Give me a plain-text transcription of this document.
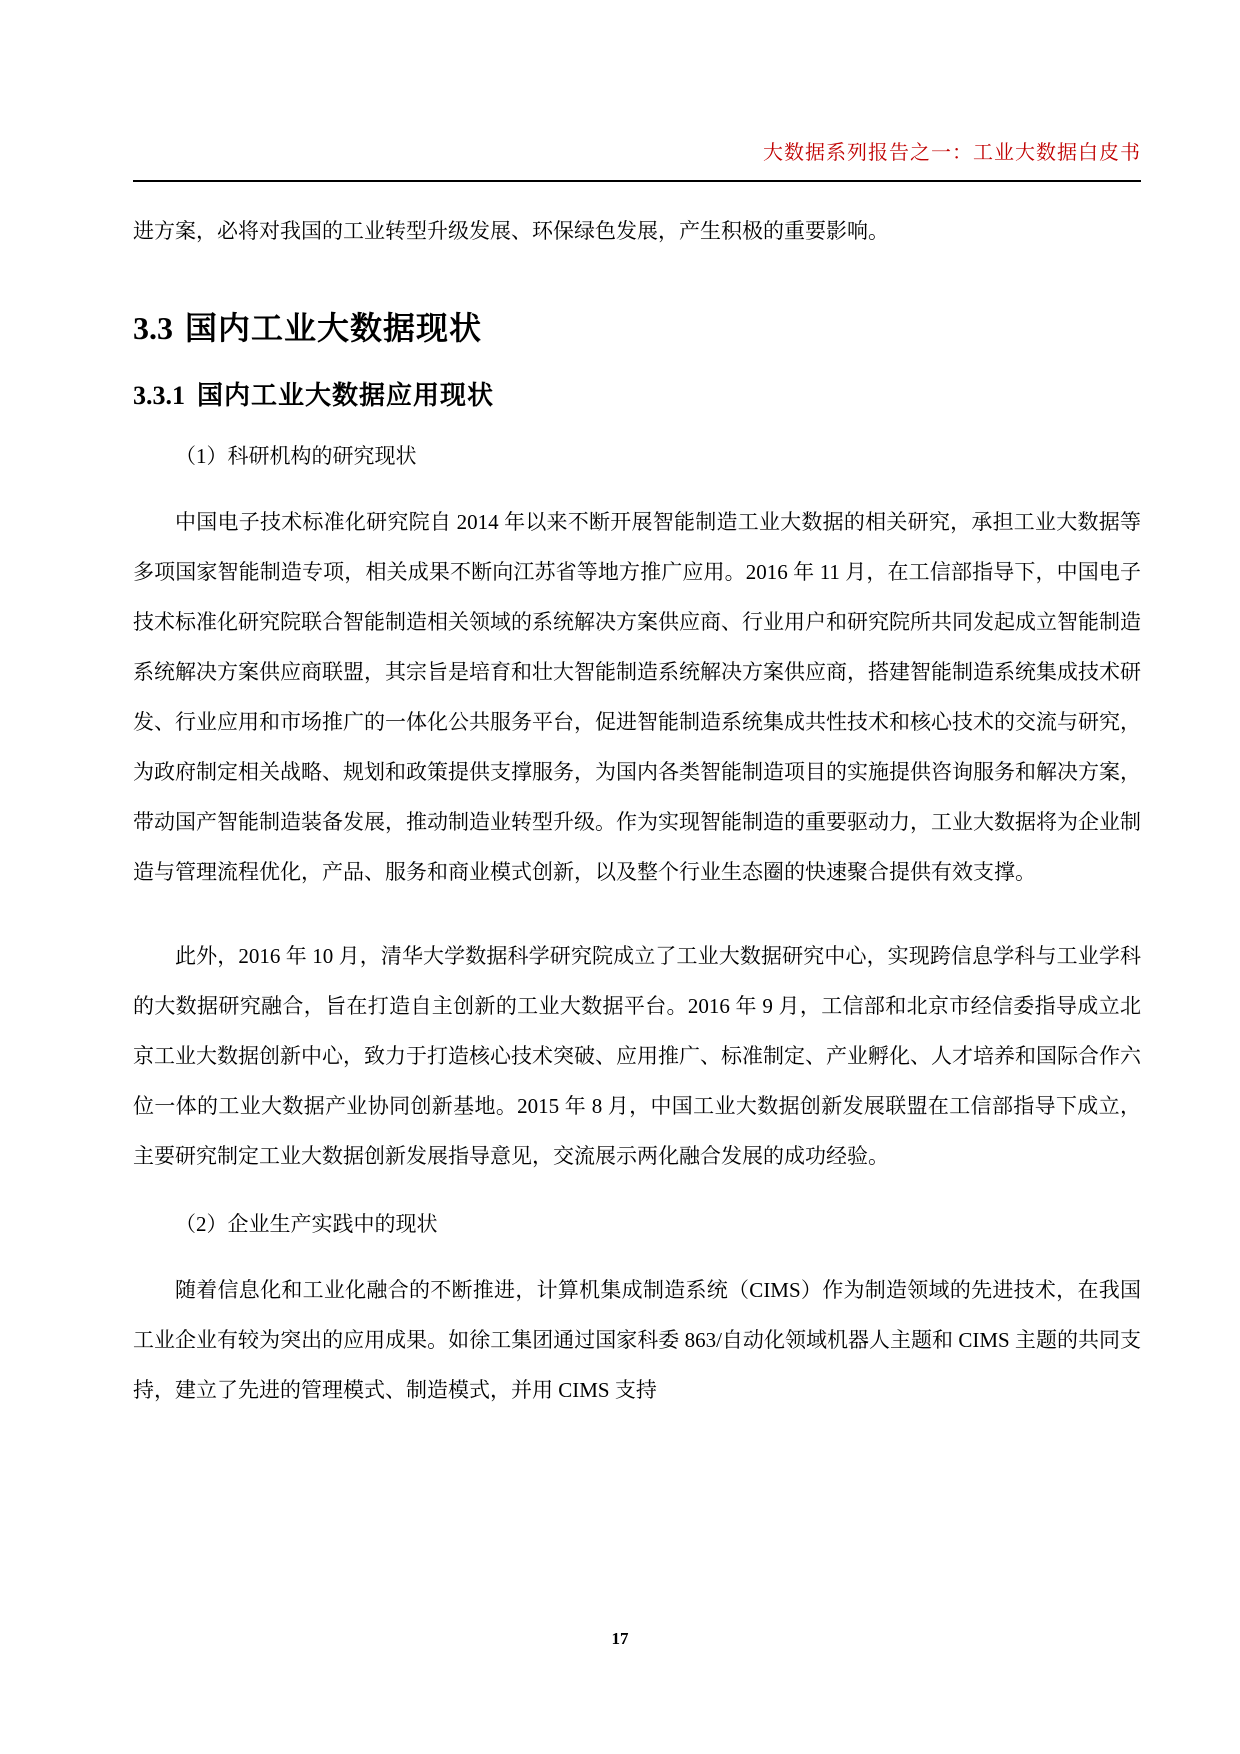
大数据系列报告之一：工业大数据白皮书

进方案，必将对我国的工业转型升级发展、环保绿色发展，产生积极的重要影响。

3.3 国内工业大数据现状
3.3.1 国内工业大数据应用现状

（1）科研机构的研究现状

中国电子技术标准化研究院自 2014 年以来不断开展智能制造工业大数据的相关研究，承担工业大数据等多项国家智能制造专项，相关成果不断向江苏省等地方推广应用。2016 年 11 月，在工信部指导下，中国电子技术标准化研究院联合智能制造相关领域的系统解决方案供应商、行业用户和研究院所共同发起成立智能制造系统解决方案供应商联盟，其宗旨是培育和壮大智能制造系统解决方案供应商，搭建智能制造系统集成技术研发、行业应用和市场推广的一体化公共服务平台，促进智能制造系统集成共性技术和核心技术的交流与研究，为政府制定相关战略、规划和政策提供支撑服务，为国内各类智能制造项目的实施提供咨询服务和解决方案，带动国产智能制造装备发展，推动制造业转型升级。作为实现智能制造的重要驱动力，工业大数据将为企业制造与管理流程优化，产品、服务和商业模式创新，以及整个行业生态圈的快速聚合提供有效支撑。

此外，2016 年 10 月，清华大学数据科学研究院成立了工业大数据研究中心，实现跨信息学科与工业学科的大数据研究融合，旨在打造自主创新的工业大数据平台。2016 年 9 月，工信部和北京市经信委指导成立北京工业大数据创新中心，致力于打造核心技术突破、应用推广、标准制定、产业孵化、人才培养和国际合作六位一体的工业大数据产业协同创新基地。2015 年 8 月，中国工业大数据创新发展联盟在工信部指导下成立，主要研究制定工业大数据创新发展指导意见，交流展示两化融合发展的成功经验。

（2）企业生产实践中的现状

随着信息化和工业化融合的不断推进，计算机集成制造系统（CIMS）作为制造领域的先进技术，在我国工业企业有较为突出的应用成果。如徐工集团通过国家科委 863/自动化领域机器人主题和 CIMS 主题的共同支持，建立了先进的管理模式、制造模式，并用 CIMS 支持

17
